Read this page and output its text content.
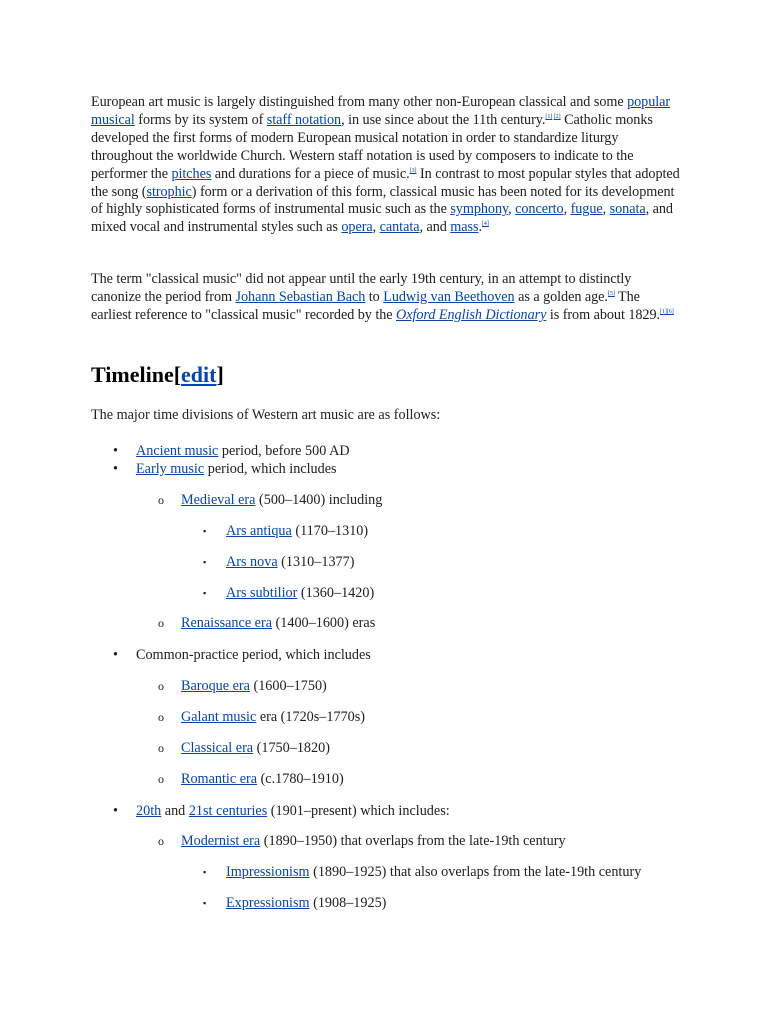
European art music is largely distinguished from many other non-European classical and some popular musical forms by its system of staff notation, in use since about the 11th century.[1] [2] Catholic monks developed the first forms of modern European musical notation in order to standardize liturgy throughout the worldwide Church. Western staff notation is used by composers to indicate to the performer the pitches and durations for a piece of music.[3] In contrast to most popular styles that adopted the song (strophic) form or a derivation of this form, classical music has been noted for its development of highly sophisticated forms of instrumental music such as the symphony, concerto, fugue, sonata, and mixed vocal and instrumental styles such as opera, cantata, and mass.[4]

The term "classical music" did not appear until the early 19th century, in an attempt to distinctly canonize the period from Johann Sebastian Bach to Ludwig van Beethoven as a golden age.[5] The earliest reference to "classical music" recorded by the Oxford English Dictionary is from about 1829.[1][6]

Timeline[edit]

The major time divisions of Western art music are as follows:

• Ancient music period, before 500 AD

• Early music period, which includes

o Medieval era (500–1400) including

▪ Ars antiqua (1170–1310)

▪ Ars nova (1310–1377)

▪ Ars subtilior (1360–1420)

o Renaissance era (1400–1600) eras

• Common-practice period, which includes

o Baroque era (1600–1750)

o Galant music era (1720s–1770s)

o Classical era (1750–1820)

o Romantic era (c.1780–1910)

• 20th and 21st centuries (1901–present) which includes:

o Modernist era (1890–1950) that overlaps from the late-19th century

▪ Impressionism (1890–1925) that also overlaps from the late-19th century

▪ Expressionism (1908–1925)
